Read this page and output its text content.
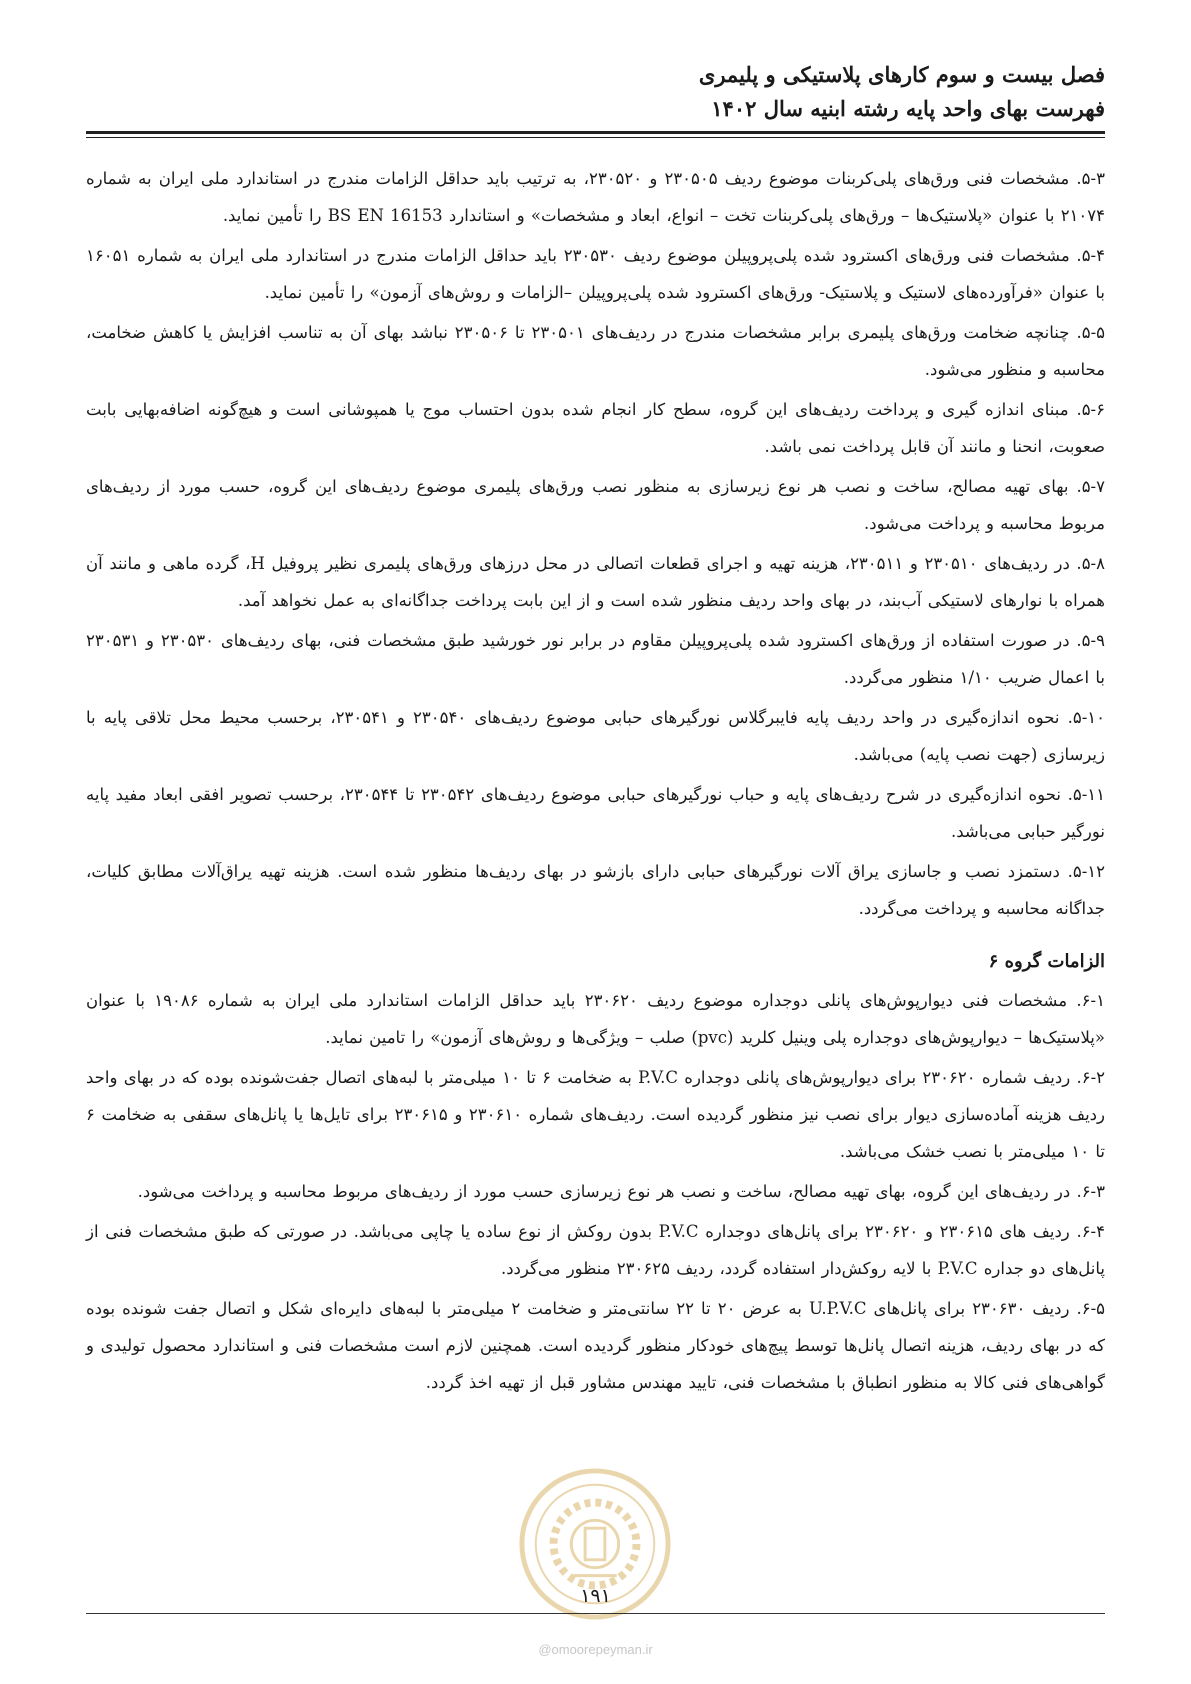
فصل بیست و سوم کارهای پلاستیکی و پلیمری

فهرست بهای واحد پایه رشته ابنیه سال ۱۴۰۲

۵-۳. مشخصات فنی ورق‌های پلی‌کربنات موضوع ردیف ۲۳۰۵۰۵ و ۲۳۰۵۲۰، به ترتیب باید حداقل الزامات مندرج در استاندارد ملی ایران به شماره ۲۱۰۷۴ با عنوان «پلاستیک‌ها – ورق‌های پلی‌کربنات تخت – انواع، ابعاد و مشخصات» و استاندارد BS EN 16153 را تأمین نماید.

۵-۴. مشخصات فنی ورق‌های اکسترود شده پلی‌پروپیلن موضوع ردیف ۲۳۰۵۳۰ باید حداقل الزامات مندرج در استاندارد ملی ایران به شماره ۱۶۰۵۱ با عنوان «فرآورده‌های لاستیک و پلاستیک- ورق‌های اکسترود شده پلی‌پروپیلن –الزامات و روش‌های آزمون» را تأمین نماید.

۵-۵. چنانچه ضخامت ورق‌های پلیمری برابر مشخصات مندرج در ردیف‌های ۲۳۰۵۰۱ تا ۲۳۰۵۰۶ نباشد بهای آن به تناسب افزایش یا کاهش ضخامت، محاسبه و منظور می‌شود.

۵-۶. مبنای اندازه گیری و پرداخت ردیف‌های این گروه، سطح کار انجام شده بدون احتساب موج یا همپوشانی است و هیچ‌گونه اضافه‌بهایی بابت صعوبت، انحنا و مانند آن قابل پرداخت نمی باشد.

۵-۷. بهای تهیه مصالح، ساخت و نصب هر نوع زیرسازی به منظور نصب ورق‌های پلیمری موضوع ردیف‌های این گروه، حسب مورد از ردیف‌های مربوط محاسبه و پرداخت می‌شود.

۵-۸. در ردیف‌های ۲۳۰۵۱۰ و ۲۳۰۵۱۱، هزینه تهیه و اجرای قطعات اتصالی در محل درزهای ورق‌های پلیمری نظیر پروفیل H، گرده ماهی و مانند آن همراه با نوارهای لاستیکی آب‌بند، در بهای واحد ردیف منظور شده است و از این بابت پرداخت جداگانه‌ای به عمل نخواهد آمد.

۵-۹. در صورت استفاده از ورق‌های اکسترود شده پلی‌پروپیلن مقاوم در برابر نور خورشید طبق مشخصات فنی، بهای ردیف‌های ۲۳۰۵۳۰ و ۲۳۰۵۳۱ با اعمال ضریب ۱/۱۰ منظور می‌گردد.

۵-۱۰. نحوه اندازه‌گیری در واحد ردیف پایه فایبرگلاس نورگیرهای حبابی موضوع ردیف‌های ۲۳۰۵۴۰ و ۲۳۰۵۴۱، برحسب محیط محل تلاقی پایه با زیرسازی (جهت نصب پایه) می‌باشد.

۵-۱۱. نحوه اندازه‌گیری در شرح ردیف‌های پایه و حباب نورگیرهای حبابی موضوع ردیف‌های ۲۳۰۵۴۲ تا ۲۳۰۵۴۴، برحسب تصویر افقی ابعاد مفید پایه نورگیر حبابی می‌باشد.

۵-۱۲. دستمزد نصب و جاسازی یراق آلات نورگیرهای حبابی دارای بازشو در بهای ردیف‌ها منظور شده است. هزینه تهیه یراق‌آلات مطابق کلیات، جداگانه محاسبه و پرداخت می‌گردد.

الزامات گروه ۶

۶-۱. مشخصات فنی دیوارپوش‌های پانلی دوجداره موضوع ردیف ۲۳۰۶۲۰ باید حداقل الزامات استاندارد ملی ایران به شماره ۱۹۰۸۶ با عنوان «پلاستیک‌ها – دیوارپوش‌های دوجداره پلی وینیل کلرید (pvc) صلب – ویژگی‌ها و روش‌های آزمون» را تامین نماید.

۶-۲. ردیف شماره ۲۳۰۶۲۰ برای دیوارپوش‌های پانلی دوجداره P.V.C به ضخامت ۶ تا ۱۰ میلی‌متر با لبه‌های اتصال جفت‌شونده بوده که در بهای واحد ردیف هزینه آماده‌سازی دیوار برای نصب نیز منظور گردیده است. ردیف‌های شماره ۲۳۰۶۱۰ و ۲۳۰۶۱۵ برای تایل‌ها یا پانل‌های سقفی به ضخامت ۶ تا ۱۰ میلی‌متر با نصب خشک می‌باشد.

۶-۳. در ردیف‌های این گروه، بهای تهیه مصالح، ساخت و نصب هر نوع زیرسازی حسب مورد از ردیف‌های مربوط محاسبه و پرداخت می‌شود.

۶-۴. ردیف های ۲۳۰۶۱۵ و ۲۳۰۶۲۰ برای پانل‌های دوجداره P.V.C بدون روکش از نوع ساده یا چاپی می‌باشد. در صورتی که طبق مشخصات فنی از پانل‌های دو جداره P.V.C با لایه روکش‌دار استفاده گردد، ردیف ۲۳۰۶۲۵ منظور می‌گردد.

۶-۵. ردیف ۲۳۰۶۳۰ برای پانل‌های U.P.V.C به عرض ۲۰ تا ۲۲ سانتی‌متر و ضخامت ۲ میلی‌متر با لبه‌های دایره‌ای شکل و اتصال جفت شونده بوده که در بهای ردیف، هزینه اتصال پانل‌ها توسط پیچ‌های خودکار منظور گردیده است. همچنین لازم است مشخصات فنی و استاندارد محصول تولیدی و گواهی‌های فنی کالا به منظور انطباق با مشخصات فنی، تایید مهندس مشاور قبل از تهیه اخذ گردد.

۱۹۱
@omoorepeyman.ir
